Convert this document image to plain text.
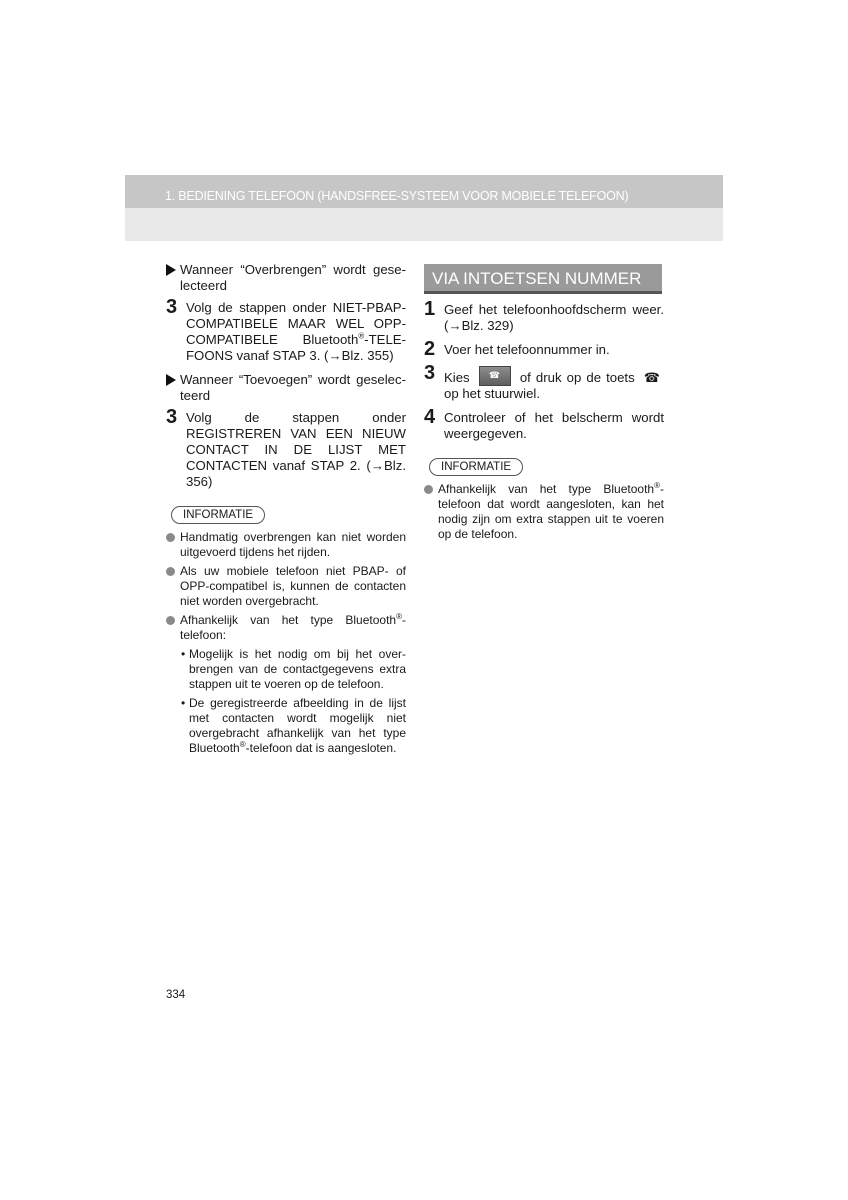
1. BEDIENING TELEFOON (HANDSFREE-SYSTEEM VOOR MOBIELE TELEFOON)
Wanneer “Overbrengen” wordt geselecteerd
3 Volg de stappen onder NIET-PBAP-COMPATIBELE MAAR WEL OPP-COMPATIBELE Bluetooth®-TELEFOONS vanaf STAP 3. (→Blz. 355)
Wanneer “Toevoegen” wordt geselecteerd
3 Volg de stappen onder REGISTREREN VAN EEN NIEUW CONTACT IN DE LIJST MET CONTACTEN vanaf STAP 2. (→Blz. 356)
INFORMATIE
Handmatig overbrengen kan niet worden uitgevoerd tijdens het rijden.
Als uw mobiele telefoon niet PBAP- of OPP-compatibel is, kunnen de contacten niet worden overgebracht.
Afhankelijk van het type Bluetooth®-telefoon:
• Mogelijk is het nodig om bij het overbrengen van de contactgegevens extra stappen uit te voeren op de telefoon.
• De geregistreerde afbeelding in de lijst met contacten wordt mogelijk niet overgebracht afhankelijk van het type Bluetooth®-telefoon dat is aangesloten.
VIA INTOETSEN NUMMER
1 Geef het telefoonhoofdscherm weer. (→Blz. 329)
2 Voer het telefoonnummer in.
3 Kies ☎ of druk op de toets ☎op het stuurwiel.
4 Controleer of het belscherm wordt weergegeven.
INFORMATIE
Afhankelijk van het type Bluetooth®-telefoon dat wordt aangesloten, kan het nodig zijn om extra stappen uit te voeren op de telefoon.
334
